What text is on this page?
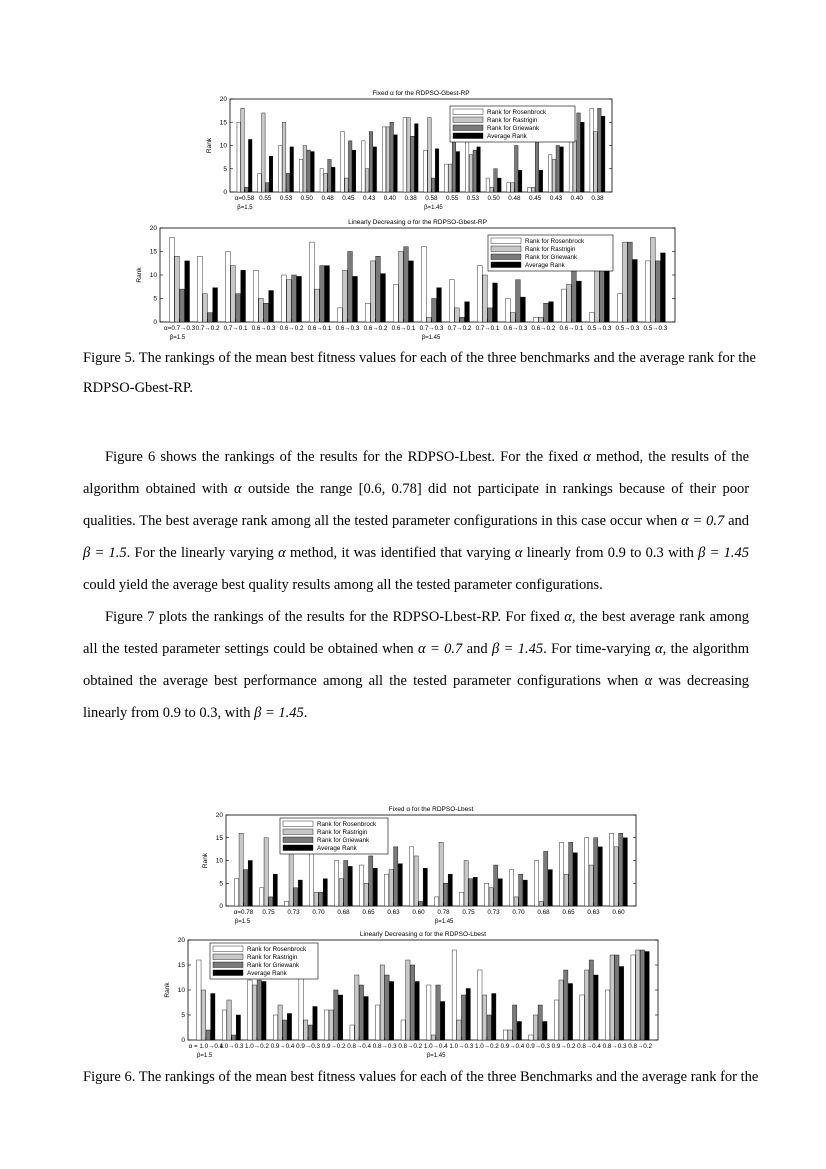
Fixed α for the RDPSO-Gbest-RP
0
5
10
15
20
Rank
α=0.58 0.55 0.53 0.50 0.48 0.45 0.43 0.40 0.38 0.58 0.55 0.53 0.50 0.48 0.45 0.43 0.40 0.38
β=1.5	β=1.45
Rank for Rosenbrock
Rank for Rastrigin
Rank for Griewank
Average Rank
Linearly Decreasing α for the RDPSO-Gbest-RP
0
5
10
15
20
Rank
α=0.7→0.3 0.7→0.2 0.7→0.1 0.6→0.3 0.6→0.2 0.6→0.1 0.6→0.3 0.6→0.2 0.6→0.1 0.7→0.3 0.7→0.2 0.7→0.1 0.6→0.3 0.6→0.2 0.6→0.1 0.5→0.3 0.5→0.3 0.5→0.3
β=1.5	β=1.45
Rank for Rosenbrock
Rank for Rastrigin
Rank for Griewank
Average Rank
Figure 5. The rankings of the mean best fitness values for each of the three benchmarks and the average rank for the
RDPSO-Gbest-RP.

Figure 6 shows the rankings of the results for the RDPSO-Lbest. For the fixed α method, the results of the algorithm obtained with α outside the range [0.6, 0.78] did not participate in rankings because of their poor qualities. The best average rank among all the tested parameter configurations in this case occur when α = 0.7 and β = 1.5. For the linearly varying α method, it was identified that varying α linearly from 0.9 to 0.3 with β = 1.45 could yield the average best quality results among all the tested parameter configurations.

Figure 7 plots the rankings of the results for the RDPSO-Lbest-RP. For fixed α, the best average rank among all the tested parameter settings could be obtained when α = 0.7 and β = 1.45. For time-varying α, the algorithm obtained the average best performance among all the tested parameter configurations when α was decreasing linearly from 0.9 to 0.3, with β = 1.45.

Fixed α for the RDPSO-Lbest
0
5
10
15
20
Rank
α=0.78 0.75 0.73 0.70 0.68 0.65 0.63 0.60 0.78 0.75 0.73 0.70 0.68 0.65 0.63 0.60
β=1.5	β=1.45
Rank for Rosenbrock
Rank for Rastrigin
Rank for Griewank
Average Rank
Linearly Decreasing α for the RDPSO-Lbest
0
5
10
15
20
Rank
α = 1.0→0.4
1.0→0.3 1.0→0.2 0.9→0.4 0.9→0.3 0.9→0.2 0.8→0.4 0.8→0.3 0.8→0.2 1.0→0.4 1.0→0.3 1.0→0.2 0.9→0.4 0.9→0.3 0.9→0.2 0.8→0.4 0.8→0.3 0.8→0.2
β=1.5	β=1.45
Rank for Rosenbrock
Rank for Rastrigin
Rank for Griewank
Average Rank
Figure 6. The rankings of the mean best fitness values for each of the three Benchmarks and the average rank for the
